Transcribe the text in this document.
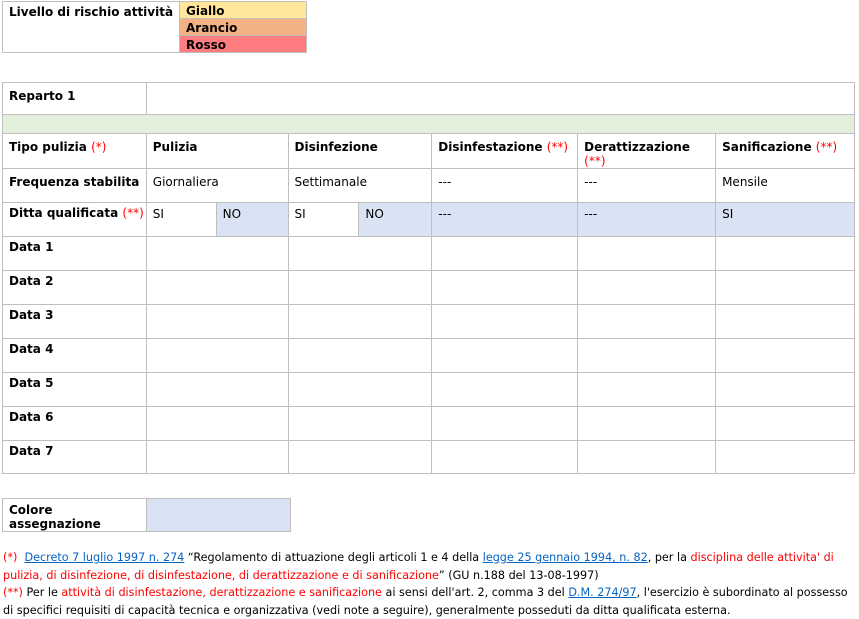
Livello di rischio attività	Giallo
Arancio
Rosso
Reparto 1							

Tipo pulizia (*)	Pulizia		Disinfezione		Disinfestazione (**)	Derattizzazione (**)	Sanificazione (**)
Frequenza stabilita	Giornaliera		Settimanale		---	---	Mensile
Ditta qualificata (**)	SI	NO	SI	NO	---	---	SI
Data 1							
Data 2							
Data 3							
Data 4							
Data 5							
Data 6							
Data 7							
Colore assegnazione	

(*) Decreto 7 luglio 1997 n. 274 “Regolamento di attuazione degli articoli 1 e 4 della legge 25 gennaio 1994, n. 82, per la disciplina delle attivita' di pulizia, di disinfezione, di disinfestazione, di derattizzazione e di sanificazione” (GU n.188 del 13-08-1997)

(**) Per le attività di disinfestazione, derattizzazione e sanificazione ai sensi dell'art. 2, comma 3 del D.M. 274/97, l'esercizio è subordinato al possesso di specifici requisiti di capacità tecnica e organizzativa (vedi note a seguire), generalmente posseduti da ditta qualificata esterna.
